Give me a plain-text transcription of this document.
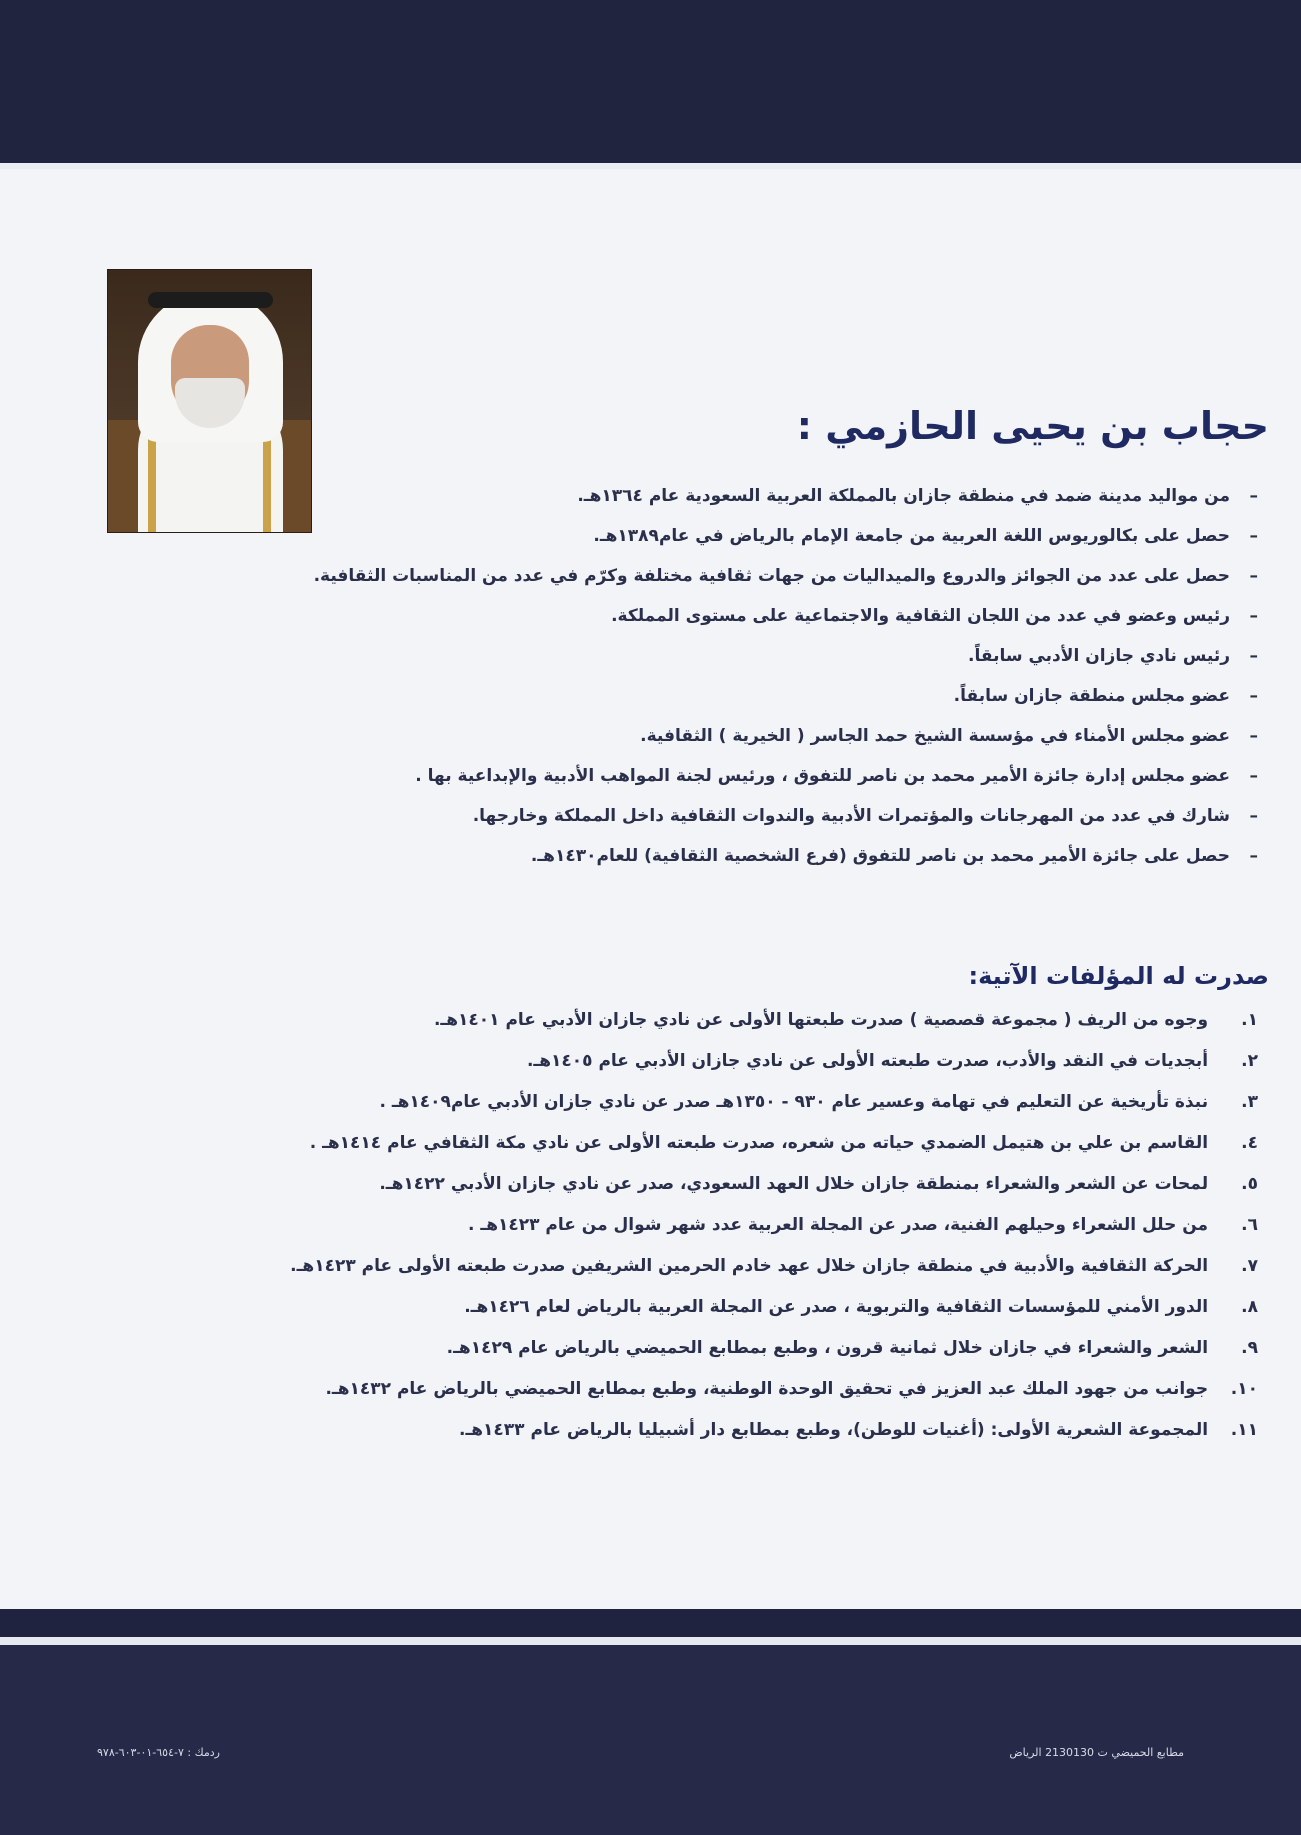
حجاب بن يحيى الحازمي :
–من مواليد مدينة ضمد في منطقة جازان بالمملكة العربية السعودية عام ١٣٦٤هـ.
–حصل على بكالوريوس اللغة العربية من جامعة الإمام بالرياض في عام١٣٨٩هـ.
–حصل على عدد من الجوائز والدروع والميداليات من جهات ثقافية مختلفة وكرّم في عدد من المناسبات الثقافية.
–رئيس وعضو في عدد من اللجان الثقافية والاجتماعية على مستوى المملكة.
–رئيس نادي جازان الأدبي سابقاً.
–عضو مجلس منطقة جازان سابقاً.
–عضو مجلس الأمناء في مؤسسة الشيخ حمد الجاسر ( الخيرية ) الثقافية.
–عضو مجلس إدارة جائزة الأمير محمد بن ناصر للتفوق ، ورئيس لجنة المواهب الأدبية والإبداعية بها .
–شارك في عدد من المهرجانات والمؤتمرات الأدبية والندوات الثقافية داخل المملكة وخارجها.
–حصل على جائزة الأمير محمد بن ناصر للتفوق (فرع الشخصية الثقافية) للعام١٤٣٠هـ.
صدرت له المؤلفات الآتية:
١. وجوه من الريف ( مجموعة قصصية ) صدرت طبعتها الأولى عن نادي جازان الأدبي عام ١٤٠١هـ.
٢. أبجديات في النقد والأدب، صدرت طبعته الأولى عن نادي جازان الأدبي عام ١٤٠٥هـ.
٣. نبذة تأريخية عن التعليم في تهامة وعسير عام ٩٣٠ - ١٣٥٠هـ صدر عن نادي جازان الأدبي عام١٤٠٩هـ .
٤. القاسم بن علي بن هتيمل الضمدي حياته من شعره، صدرت طبعته الأولى عن نادي مكة الثقافي عام ١٤١٤هـ .
٥. لمحات عن الشعر والشعراء بمنطقة جازان خلال العهد السعودي، صدر عن نادي جازان الأدبي ١٤٢٢هـ.
٦. من حلل الشعراء وحيلهم الفنية، صدر عن المجلة العربية عدد شهر شوال من عام ١٤٢٣هـ .
٧. الحركة الثقافية والأدبية في منطقة جازان خلال عهد خادم الحرمين الشريفين صدرت طبعته الأولى عام ١٤٢٣هـ.
٨. الدور الأمني للمؤسسات الثقافية والتربوية ، صدر عن المجلة العربية بالرياض لعام ١٤٢٦هـ.
٩. الشعر والشعراء في جازان خلال ثمانية قرون ، وطبع بمطابع الحميضي بالرياض عام ١٤٢٩هـ.
١٠. جوانب من جهود الملك عبد العزيز في تحقيق الوحدة الوطنية، وطبع بمطابع الحميضي بالرياض عام ١٤٣٢هـ.
١١. المجموعة الشعرية الأولى: (أغنيات للوطن)، وطبع بمطابع دار أشبيليا بالرياض عام ١٤٣٣هـ.
ردمك : ٧-٦٥٤-٠١-٦٠٣-٩٧٨	مطابع الحميضي ت 2130130 الرياض
